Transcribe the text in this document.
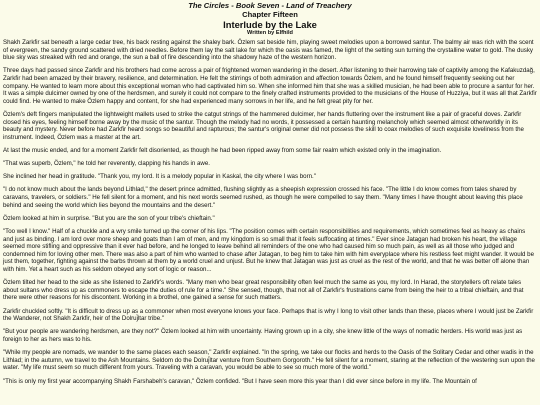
The Circles - Book Seven - Land of Treachery
Chapter Fifteen
Interlude by the Lake
Written by Elfhild

Shakh Zarkfir sat beneath a large cedar tree, his back resting against the shaley bark. Özlem sat beside him, playing sweet melodies upon a borrowed santur. The balmy air was rich with the scent of evergreen, the sandy ground scattered with dried needles. Before them lay the salt lake for which the oasis was famed, the light of the setting sun turning the crystalline water to gold. The dusky blue sky was streaked with red and orange, the sun a ball of fire descending into the shadowy haze of the western horizon.

Three days had passed since Zarkfir and his brothers had come across a pair of frightened women wandering in the desert. After listening to their harrowing tale of captivity among the Kafakuzdağ, Zarkfir had been amazed by their bravery, resilience, and determination. He felt the stirrings of both admiration and affection towards Özlem, and he found himself frequently seeking out her company. He wanted to learn more about this exceptional woman who had captivated him so. When she informed him that she was a skilled musician, he had been able to procure a santur for her. It was a simple dulcimer owned by one of the herdsmen, and surely it could not compare to the finely crafted instruments provided to the musicians of the House of Huzziya, but it was all that Zarkfir could find. He wanted to make Özlem happy and content, for she had experienced many sorrows in her life, and he felt great pity for her.

Özlem's deft fingers manipulated the lightweight mallets used to strike the catgut strings of the hammered dulcimer, her hands fluttering over the instrument like a pair of graceful doves. Zarkfir closed his eyes, feeling himself borne away by the music of the santur. Though the melody had no words, it possessed a certain haunting melancholy which seemed almost otherworldly in its beauty and mystery. Never before had Zarkfir heard songs so beautiful and rapturous; the santur's original owner did not possess the skill to coax melodies of such exquisite loveliness from the instrument. Indeed, Özlem was a master at the art.

At last the music ended, and for a moment Zarkfir felt disoriented, as though he had been ripped away from some fair realm which existed only in the imagination.

"That was superb, Özlem," he told her reverently, clapping his hands in awe.

She inclined her head in gratitude. "Thank you, my lord. It is a melody popular in Kaskal, the city where I was born."

"I do not know much about the lands beyond Lithlad," the desert prince admitted, flushing slightly as a sheepish expression crossed his face. "The little I do know comes from tales shared by caravans, travelers, or soldiers." He fell silent for a moment, and his next words seemed rushed, as though he were compelled to say them. "Many times I have thought about leaving this place behind and seeing the world which lies beyond the mountains and the desert."

Özlem looked at him in surprise. "But you are the son of your tribe's chieftain."

"Too well I know." Half of a chuckle and a wry smile turned up the corner of his lips. "The position comes with certain responsibilities and requirements, which sometimes feel as heavy as chains and just as binding. I am lord over more sheep and goats than I am of men, and my kingdom is so small that it feels suffocating at times." Ever since Jatagan had broken his heart, the village seemed more stifling and oppressive than it ever had before, and he longed to leave behind all reminders of the one who had caused him so much pain, as well as all those who judged and condemned him for loving other men. There was also a part of him who wanted to chase after Jatagan, to beg him to take him with him everyplace where his restless feet might wander. It would be just them, together, fighting against the barbs thrown at them by a world cruel and unjust. But he knew that Jatagan was just as cruel as the rest of the world, and that he was better off alone than with him. Yet a heart such as his seldom obeyed any sort of logic or reason...

Özlem tilted her head to the side as she listened to Zarkfir's words. "Many men who bear great responsibility often feel much the same as you, my lord. In Harad, the storytellers oft relate tales about sultans who dress up as commoners to escape the duties of rule for a time." She sensed, though, that not all of Zarkfir's frustrations came from being the heir to a tribal chieftain, and that there were other reasons for his discontent. Working in a brothel, one gained a sense for such matters.

Zarkfir chuckled softly. "It is difficult to dress up as a commoner when most everyone knows your face. Perhaps that is why I long to visit other lands than these, places where I would just be Zarkfir the Wanderer, not Shakh Zarkfir, heir of the Dolruj̈ltar tribe."

"But your people are wandering herdsmen, are they not?" Özlem looked at him with uncertainty. Having grown up in a city, she knew little of the ways of nomadic herders. His world was just as foreign to her as hers was to his.

"While my people are nomads, we wander to the same places each season," Zarkfir explained. "In the spring, we take our flocks and herds to the Oasis of the Solitary Cedar and other wadis in the Lithlad; in the autumn, we travel to the Ash Mountains. Seldom do the Dolruj̈ltar venture from Southern Gorgoroth." He fell silent for a moment, staring at the reflection of the westering sun upon the water. "My life must seem so much different from yours. Traveling with a caravan, you would be able to see so much more of the world."

"This is only my first year accompanying Shakh Farshabeh's caravan," Özlem confided. "But I have seen more this year than I did ever since before in my life. The Mountain of
